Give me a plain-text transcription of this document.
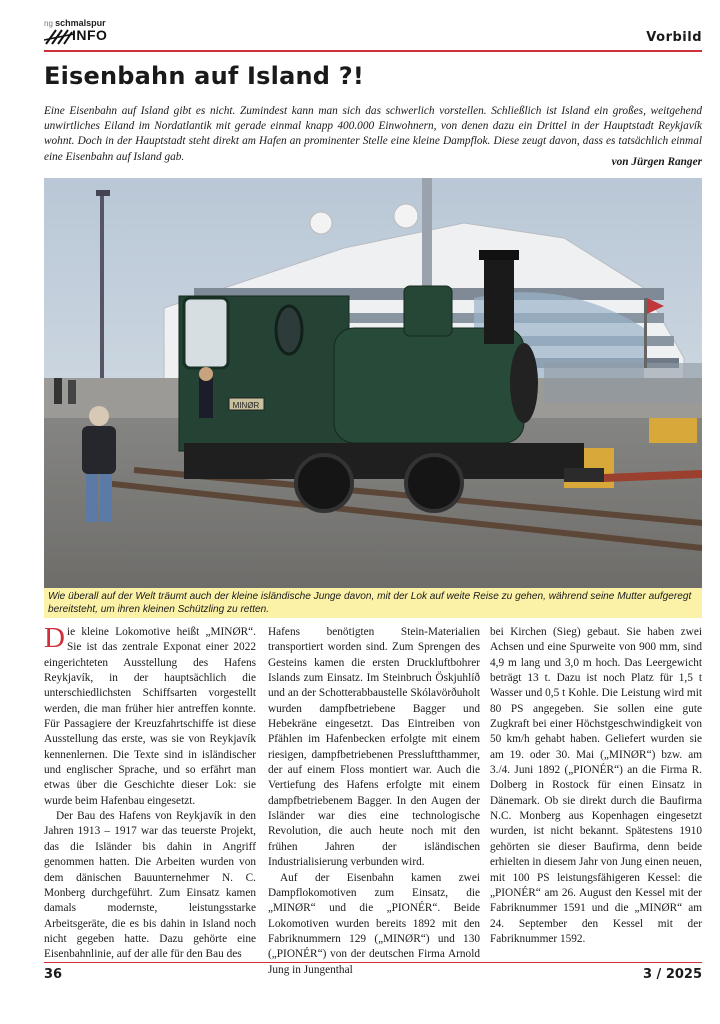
ng schmalspur
INFO	Vorbild
Eisenbahn auf Island ?!

Eine Eisenbahn auf Island gibt es nicht. Zumindest kann man sich das schwerlich vorstellen. Schließlich ist Island ein großes, weitgehend unwirtliches Eiland im Nordatlantik mit gerade einmal knapp 400.000 Einwohnern, von denen dazu ein Drittel in der Hauptstadt Reykjavík wohnt. Doch in der Hauptstadt steht direkt am Hafen an prominenter Stelle eine kleine Dampflok. Diese zeugt davon, dass es tatsächlich einmal eine Eisenbahn auf Island gab.	von Jürgen Ranger
MINØR
Wie überall auf der Welt träumt auch der kleine isländische Junge davon, mit der Lok auf weite Reise zu gehen, während seine Mutter aufgeregt bereitsteht, um ihren kleinen Schützling zu retten.

Die kleine Lokomotive heißt „MINØR“. Sie ist das zentrale Exponat einer 2022 eingerichteten Ausstellung des Hafens Reykjavík, in der hauptsächlich die unterschiedlichsten Schiffsarten vorgestellt werden, die man früher hier antreffen konnte. Für Passagiere der Kreuzfahrtschiffe ist diese Ausstellung das erste, was sie von Reykjavík kennenlernen. Die Texte sind in isländischer und englischer Sprache, und so erfährt man etwas über die Geschichte dieser Lok: sie wurde beim Hafenbau eingesetzt.

Der Bau des Hafens von Reykjavík in den Jahren 1913 – 1917 war das teuerste Projekt, das die Isländer bis dahin in Angriff genommen hatten. Die Arbeiten wurden von dem dänischen Bauunternehmer N. C. Monberg durchgeführt. Zum Einsatz kamen damals modernste, leistungsstarke Arbeitsgeräte, die es bis dahin in Island noch nicht gegeben hatte. Dazu gehörte eine Eisenbahnlinie, auf der alle für den Bau des

Hafens benötigten Stein-Materialien transportiert worden sind. Zum Sprengen des Gesteins kamen die ersten Druckluftbohrer Islands zum Einsatz. Im Steinbruch Öskjuhlíð und an der Schotterabbaustelle Skólavörðuholt wurden dampfbetriebene Bagger und Hebekräne eingesetzt. Das Eintreiben von Pfählen im Hafenbecken erfolgte mit einem riesigen, dampfbetriebenen Pressluftthammer, der auf einem Floss montiert war. Auch die Vertiefung des Hafens erfolgte mit einem dampfbetriebenem Bagger. In den Augen der Isländer war dies eine technologische Revolution, die auch heute noch mit den frühen Jahren der isländischen Industrialisierung verbunden wird.

Auf der Eisenbahn kamen zwei Dampflokomotiven zum Einsatz, die „MINØR“ und die „PIONÉR“. Beide Lokomotiven wurden bereits 1892 mit den Fabriknummern 129 („MINØR“) und 130 („PIONÉR“) von der deutschen Firma Arnold Jung in Jungenthal

bei Kirchen (Sieg) gebaut. Sie haben zwei Achsen und eine Spurweite von 900 mm, sind 4,9 m lang und 3,0 m hoch. Das Leergewicht beträgt 13 t. Dazu ist noch Platz für 1,5 t Wasser und 0,5 t Kohle. Die Leistung wird mit 80 PS angegeben. Sie sollen eine gute Zugkraft bei einer Höchstgeschwindigkeit von 50 km/h gehabt haben. Geliefert wurden sie am 19. oder 30. Mai („MINØR“) bzw. am 3./4. Juni 1892 („PIONÉR“) an die Firma R. Dolberg in Rostock für einen Einsatz in Dänemark. Ob sie direkt durch die Baufirma N.C. Monberg aus Kopenhagen eingesetzt wurden, ist nicht bekannt. Spätestens 1910 gehörten sie dieser Baufirma, denn beide erhielten in diesem Jahr von Jung einen neuen, mit 100 PS leistungsfähigeren Kessel: die „PIONÉR“ am 26. August den Kessel mit der Fabriknummer 1591 und die „MINØR“ am 24. September den Kessel mit der Fabriknummer 1592.

36	3 / 2025
